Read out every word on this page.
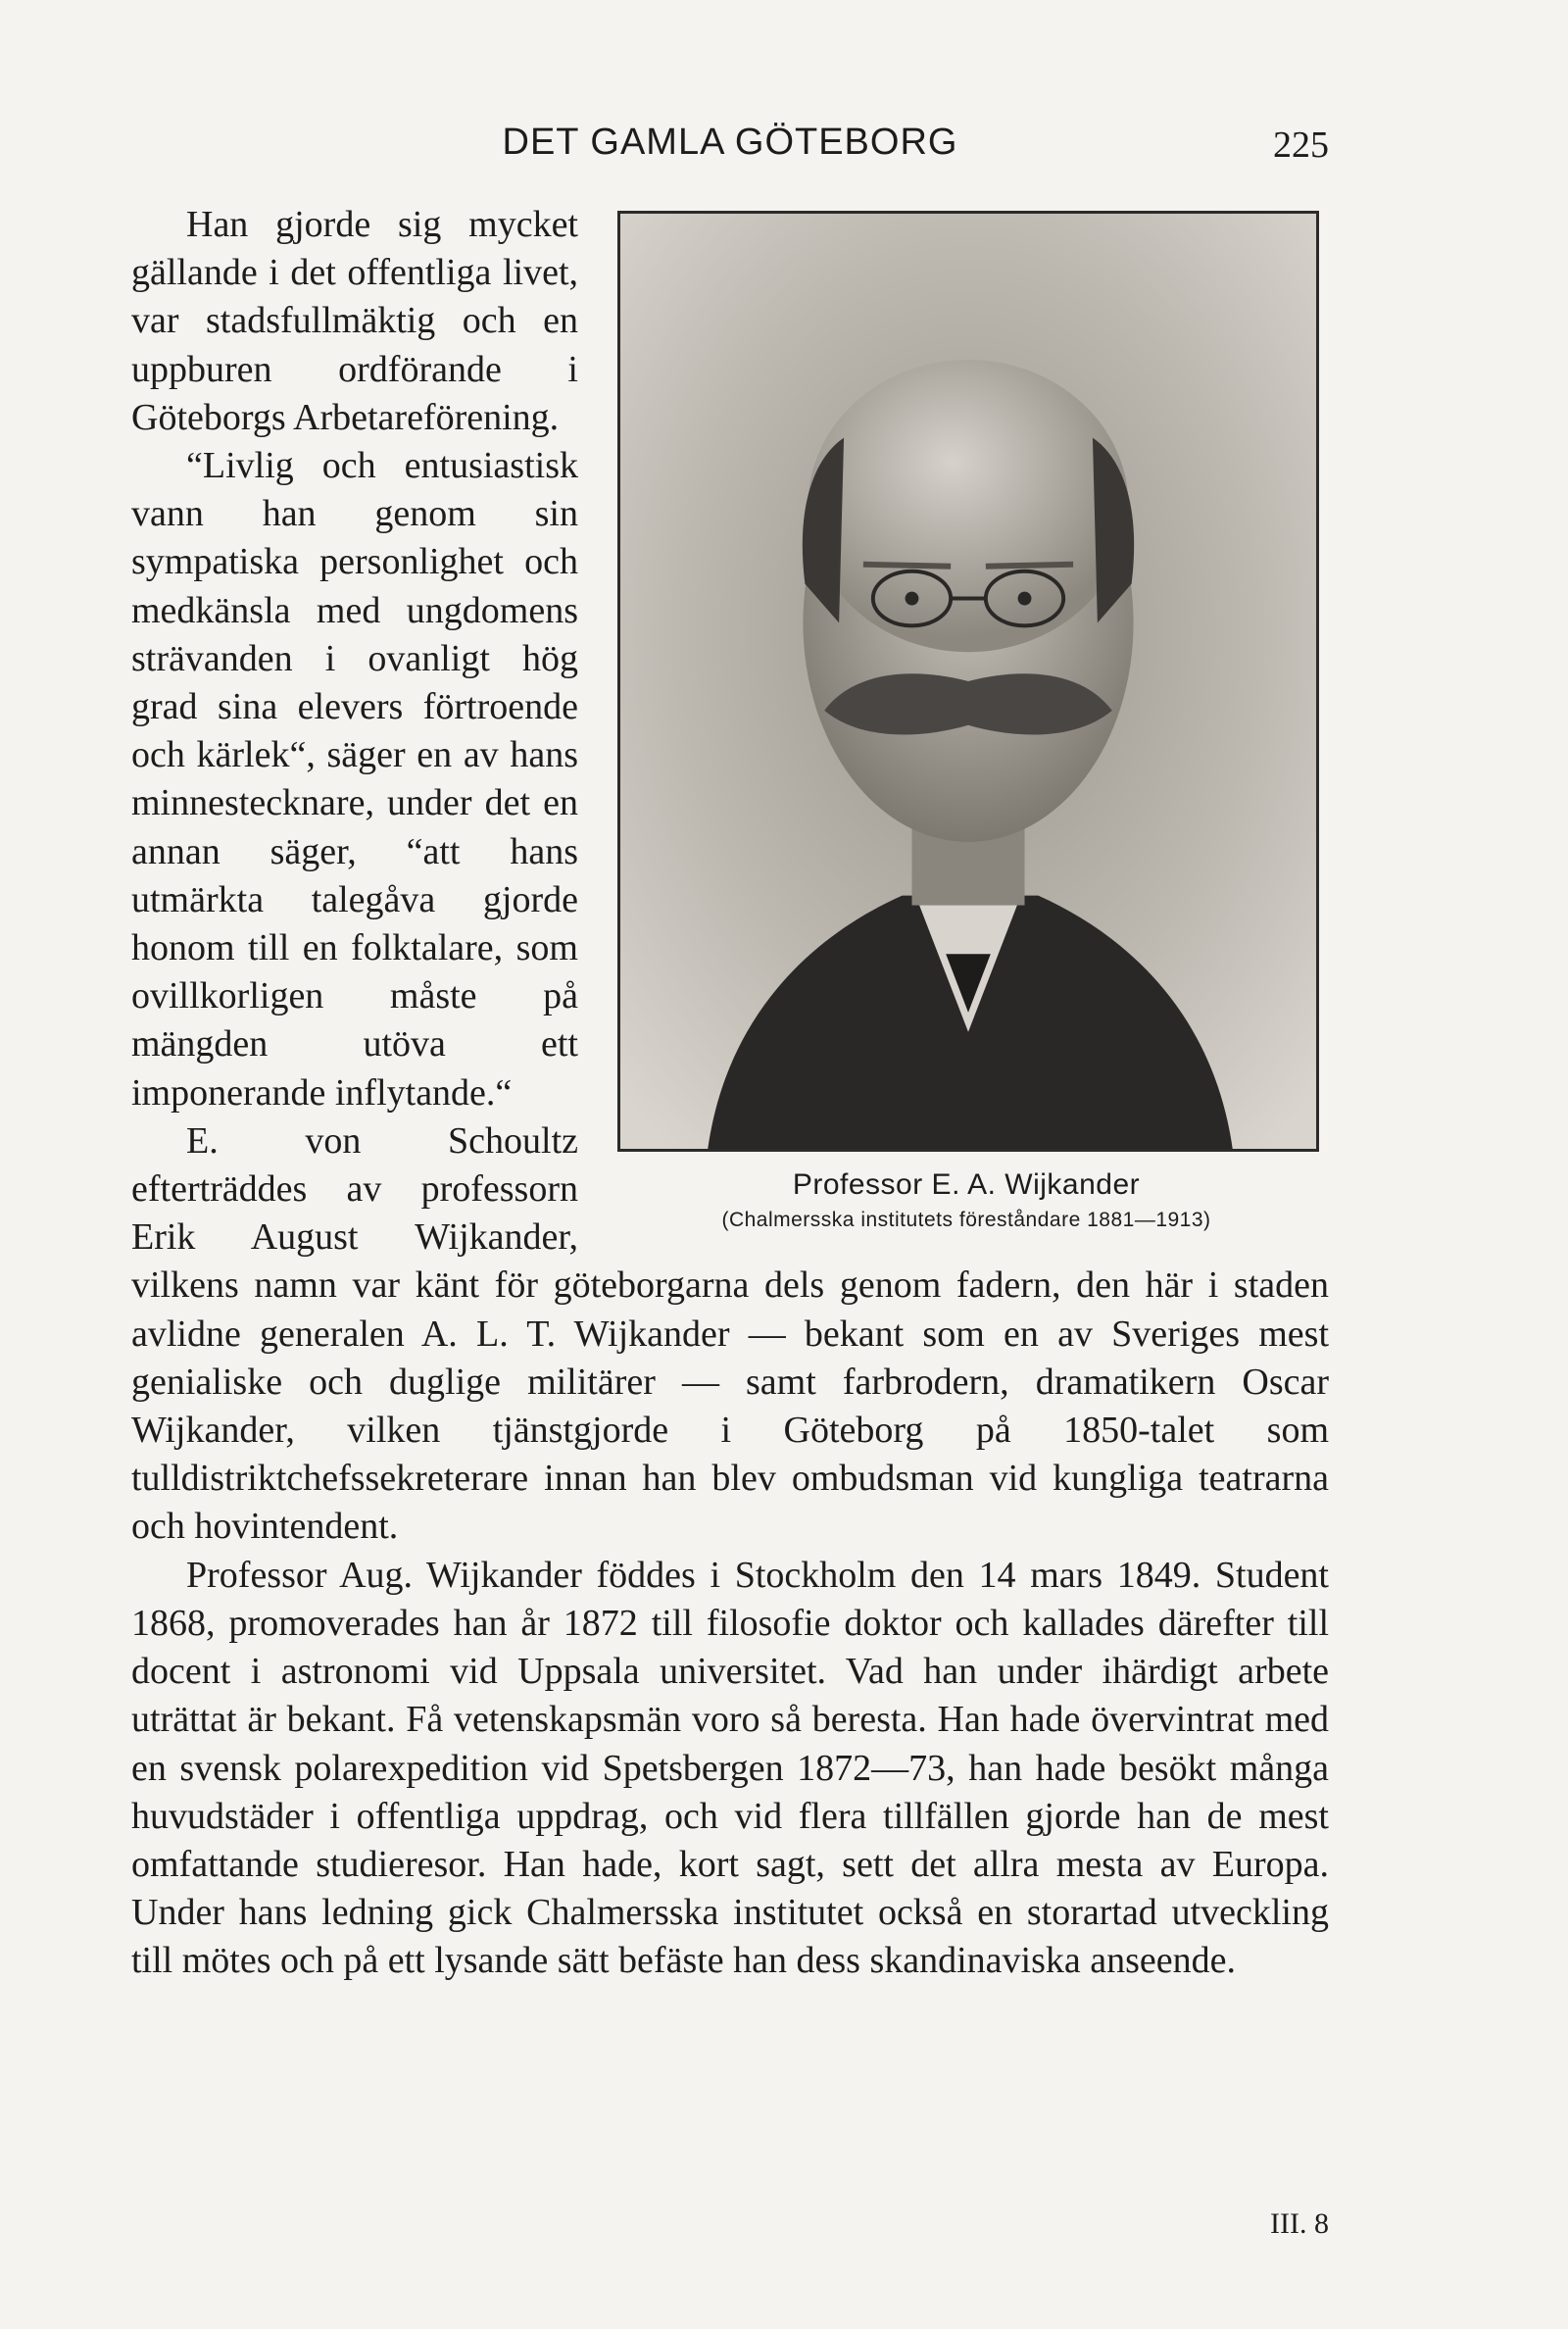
DET GAMLA GÖTEBORG	225
Professor E. A. Wijkander
(Chalmersska institutets föreståndare 1881—1913)

Han gjorde sig mycket gällande i det offentliga livet, var stadsfullmäktig och en uppburen ordförande i Göteborgs Arbetareförening.

“Livlig och entusiastisk vann han genom sin sympatiska personlighet och medkänsla med ungdomens strävanden i ovanligt hög grad sina elevers förtroende och kärlek“, säger en av hans minnestecknare, under det en annan säger, “att hans utmärkta talegåva gjorde honom till en folktalare, som ovillkorligen måste på mängden utöva ett imponerande inflytande.“

E. von Schoultz efterträddes av professorn Erik August Wijkander, vilkens namn var känt för göteborgarna dels genom fadern, den här i staden avlidne generalen A. L. T. Wijkander — bekant som en av Sveriges mest genialiske och duglige militärer — samt farbrodern, dramatikern Oscar Wijkander, vilken tjänstgjorde i Göteborg på 1850-talet som tulldistriktchefssekreterare innan han blev ombudsman vid kungliga teatrarna och hovintendent.

Professor Aug. Wijkander föddes i Stockholm den 14 mars 1849. Student 1868, promoverades han år 1872 till filosofie doktor och kallades därefter till docent i astronomi vid Uppsala universitet. Vad han under ihärdigt arbete uträttat är bekant. Få vetenskapsmän voro så beresta. Han hade övervintrat med en svensk polarexpedition vid Spetsbergen 1872—73, han hade besökt många huvudstäder i offentliga uppdrag, och vid flera tillfällen gjorde han de mest omfattande studieresor. Han hade, kort sagt, sett det allra mesta av Europa. Under hans ledning gick Chalmersska institutet också en storartad utveckling till mötes och på ett lysande sätt befäste han dess skandinaviska anseende.

III. 8
